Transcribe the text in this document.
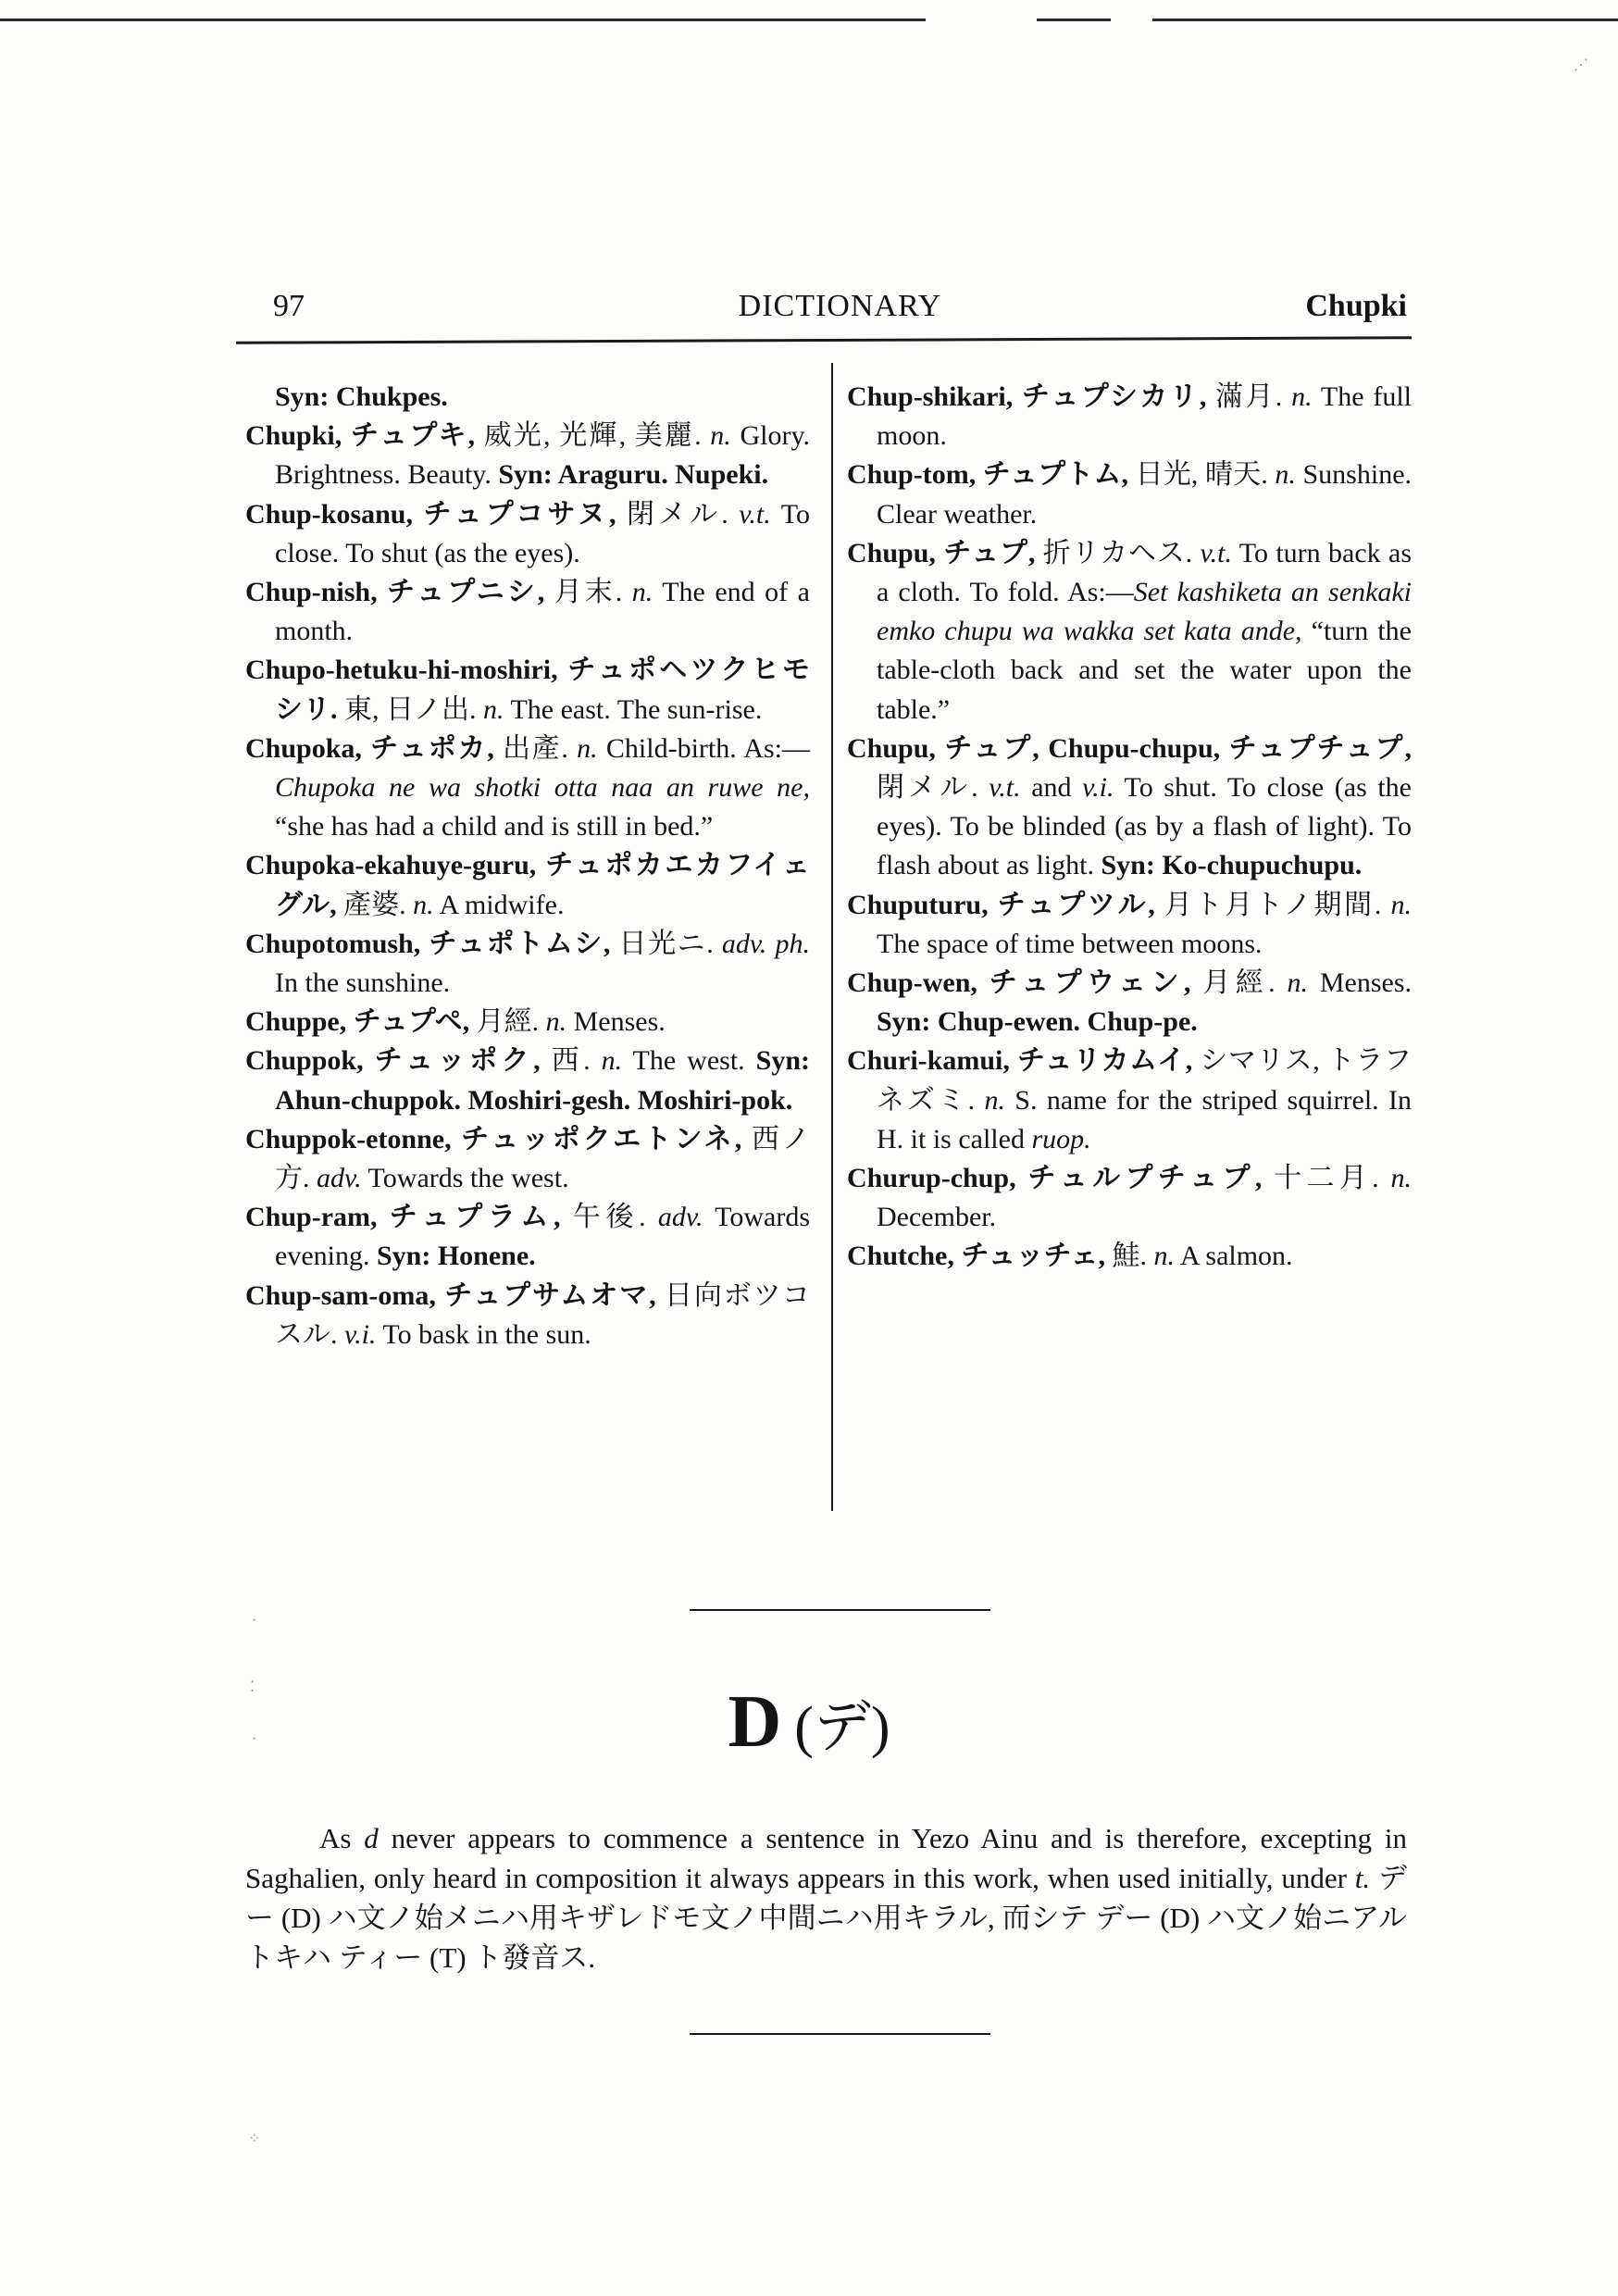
97	DICTIONARY	Chupki

Syn: Chukpes.

Chupki, チュプキ, 威光, 光輝, 美麗. n. Glory. Brightness. Beauty. Syn: Araguru. Nupeki.

Chup-kosanu, チュプコサヌ, 閉メル. v.t. To close. To shut (as the eyes).

Chup-nish, チュプニシ, 月末. n. The end of a month.

Chupo-hetuku-hi-moshiri, チュポヘツクヒモシリ. 東, 日ノ出. n. The east. The sun-rise.

Chupoka, チュポカ, 出產. n. Child-birth. As:—Chupoka ne wa shotki otta naa an ruwe ne, “she has had a child and is still in bed.”

Chupoka-ekahuye-guru, チュポカエカフイェグル, 產婆. n. A midwife.

Chupotomush, チュポトムシ, 日光ニ. adv. ph. In the sunshine.

Chuppe, チュプペ, 月經. n. Menses.

Chuppok, チュッポク, 西. n. The west. Syn: Ahun-chuppok. Moshiri-gesh. Moshiri-pok.

Chuppok-etonne, チュッポクエトンネ, 西ノ方. adv. Towards the west.

Chup-ram, チュプラム, 午後. adv. Towards evening. Syn: Honene.

Chup-sam-oma, チュプサムオマ, 日向ボツコスル. v.i. To bask in the sun.

Chup-shikari, チュプシカリ, 滿月. n. The full moon.

Chup-tom, チュプトム, 日光, 晴天. n. Sunshine. Clear weather.

Chupu, チュプ, 折リカヘス. v.t. To turn back as a cloth. To fold. As:—Set kashiketa an senkaki emko chupu wa wakka set kata ande, “turn the table-cloth back and set the water upon the table.”

Chupu, チュプ, Chupu-chupu, チュプチュプ, 閉メル. v.t. and v.i. To shut. To close (as the eyes). To be blinded (as by a flash of light). To flash about as light. Syn: Ko-chupuchupu.

Chuputuru, チュプツル, 月ト月トノ期間. n. The space of time between moons.

Chup-wen, チュプウェン, 月經. n. Menses. Syn: Chup-ewen. Chup-pe.

Churi-kamui, チュリカムイ, シマリス, トラフネズミ. n. S. name for the striped squirrel. In H. it is called ruop.

Churup-chup, チュルプチュプ, 十二月. n. December.

Chutche, チュッチェ, 鮭. n. A salmon.

D (デ)
As d never appears to commence a sentence in Yezo Ainu and is therefore, excepting in Saghalien, only heard in composition it always appears in this work, when used initially, under t. デー (D) ハ文ノ始メニハ用キザレドモ文ノ中間ニハ用キラル, 而シテ デー (D) ハ文ノ始ニアルトキハ ティー (T) ト發音ス.
·
⁚
·
⁘
⋰
